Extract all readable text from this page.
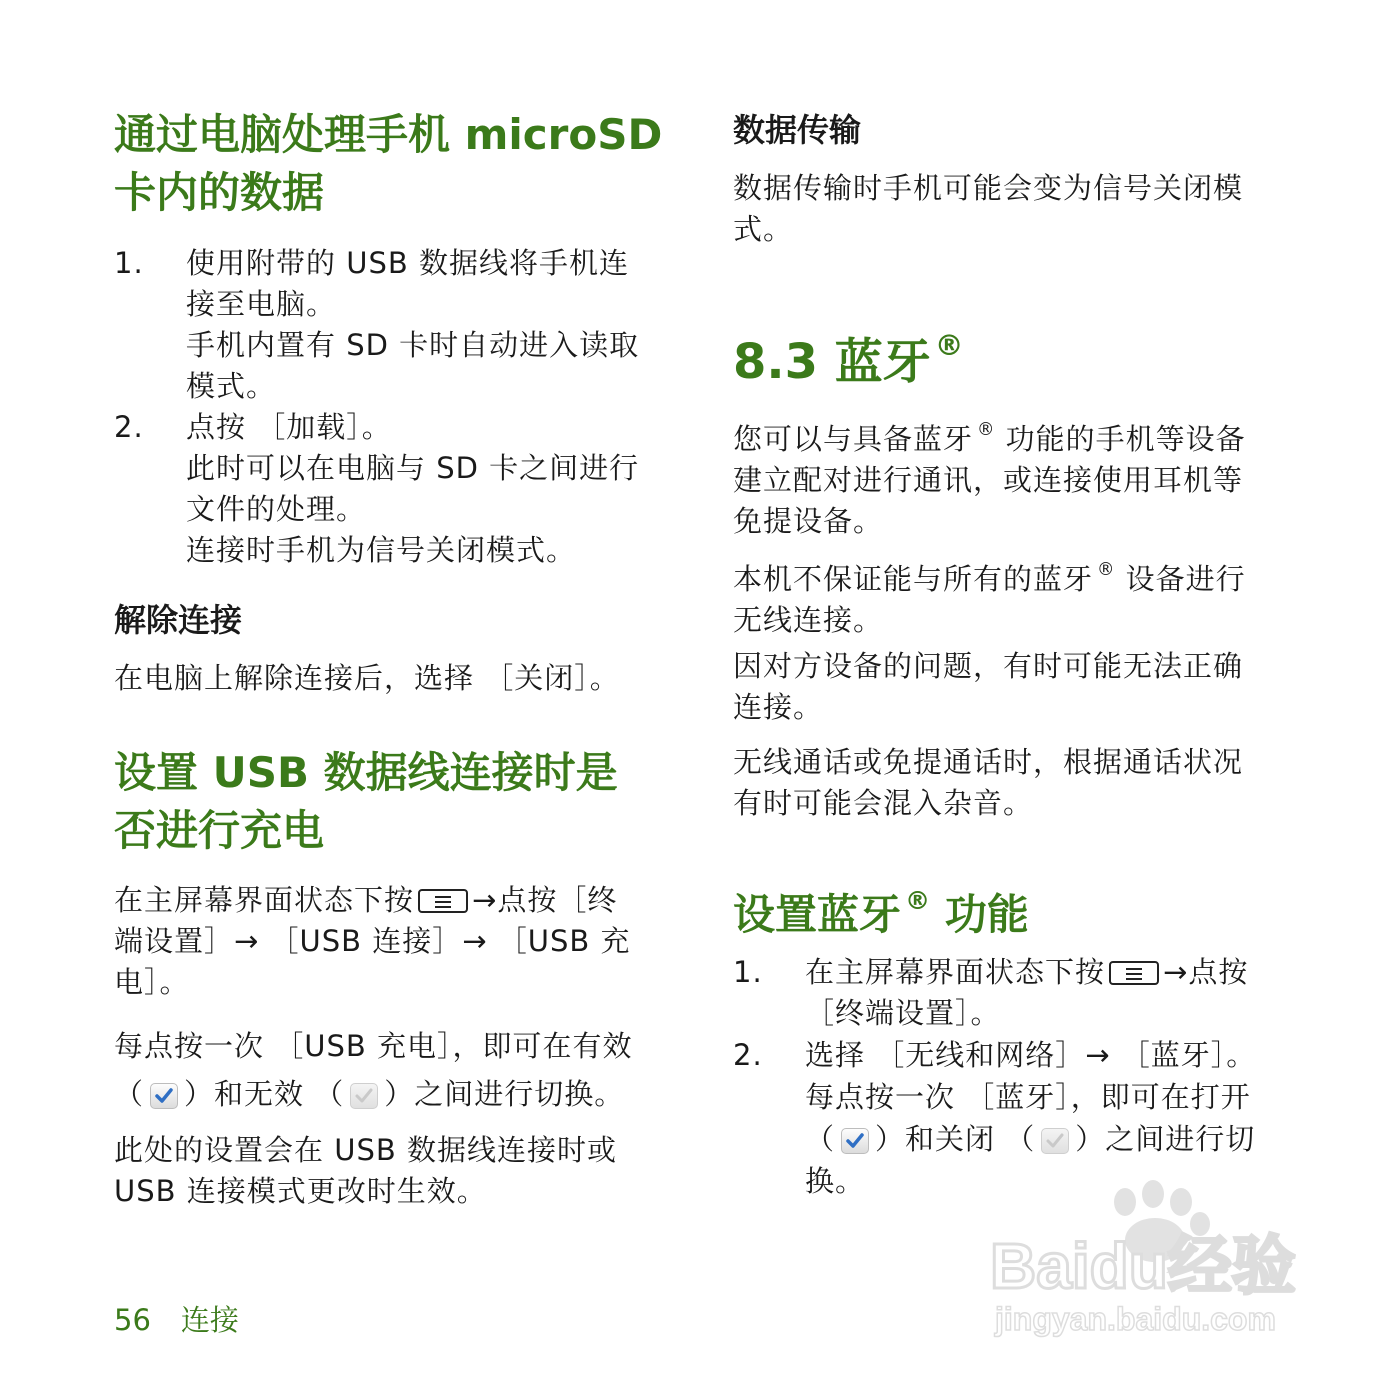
通过电脑处理手机 microSD
卡内的数据
1. 使用附带的 USB 数据线将手机连
接至电脑。
手机内置有 SD 卡时自动进入读取
模式。
2. 点按 ［加载］。
此时可以在电脑与 SD 卡之间进行
文件的处理。
连接时手机为信号关闭模式。
解除连接

在电脑上解除连接后，选择 ［关闭］。

设置 USB 数据线连接时是
否进行充电

在主屏幕界面状态下按 →点按［终
端设置］→ ［USB 连接］→ ［USB 充
电］。

每点按一次 ［USB 充电］，即可在有效
（ ）和无效 （ ）之间进行切换。

此处的设置会在 USB 数据线连接时或
USB 连接模式更改时生效。

56 连接
数据传输

数据传输时手机可能会变为信号关闭模
式。

8.3 蓝牙 ®

您可以与具备蓝牙 ® 功能的手机等设备
建立配对进行通讯，或连接使用耳机等
免提设备。

本机不保证能与所有的蓝牙 ® 设备进行
无线连接。

因对方设备的问题，有时可能无法正确
连接。

无线通话或免提通话时，根据通话状况
有时可能会混入杂音。

设置蓝牙 ® 功能
1. 在主屏幕界面状态下按 →点按
［终端设置］。
2. 选择 ［无线和网络］→ ［蓝牙］。
每点按一次 ［蓝牙］，即可在打开
（ ）和关闭 （ ）之间进行切
换。
Baidu经验
jingyan.baidu.com
